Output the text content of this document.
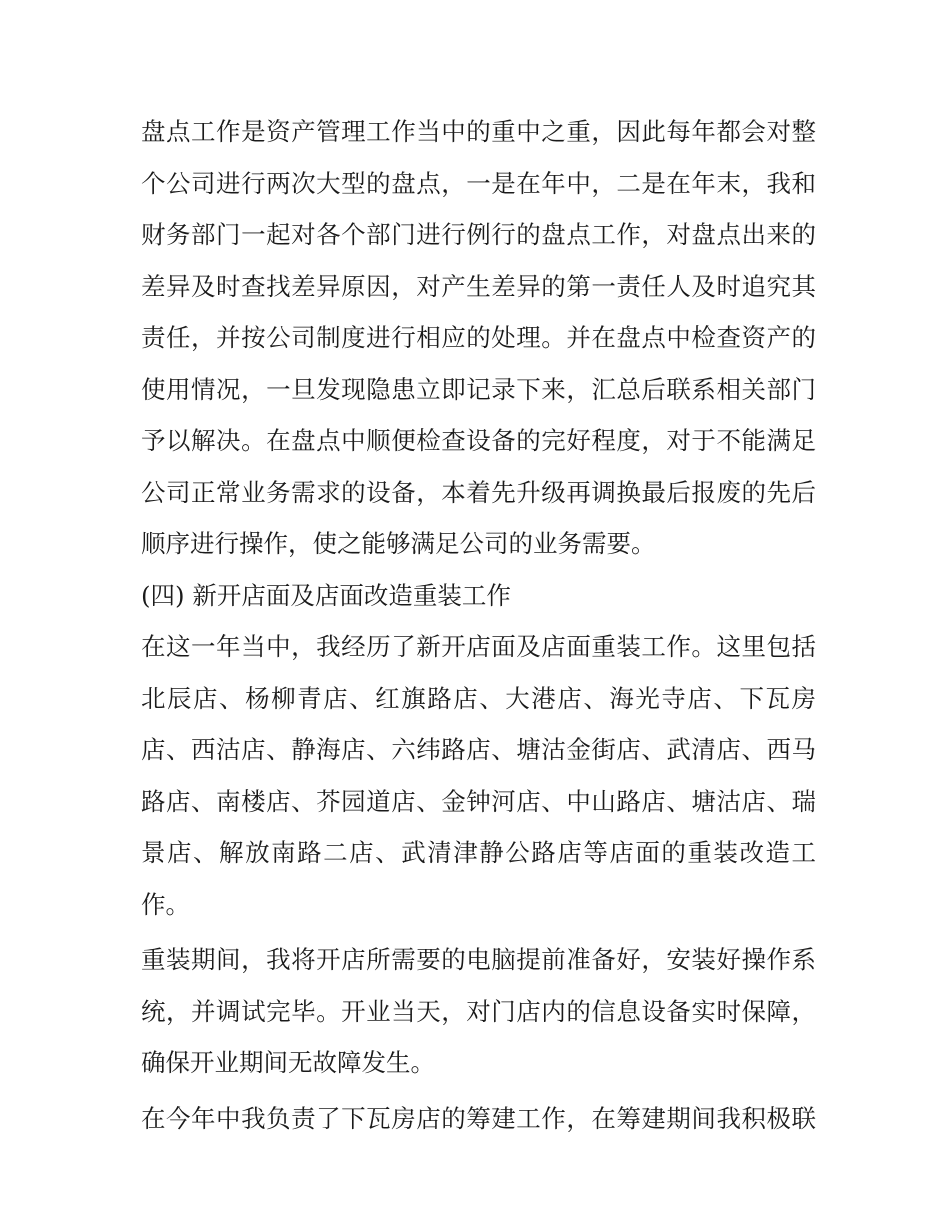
盘点工作是资产管理工作当中的重中之重，因此每年都会对整
个公司进行两次大型的盘点，一是在年中，二是在年末，我和
财务部门一起对各个部门进行例行的盘点工作，对盘点出来的
差异及时查找差异原因，对产生差异的第一责任人及时追究其
责任，并按公司制度进行相应的处理。并在盘点中检查资产的
使用情况，一旦发现隐患立即记录下来，汇总后联系相关部门
予以解决。在盘点中顺便检查设备的完好程度，对于不能满足
公司正常业务需求的设备，本着先升级再调换最后报废的先后
顺序进行操作，使之能够满足公司的业务需要。
(四) 新开店面及店面改造重装工作
在这一年当中，我经历了新开店面及店面重装工作。这里包括
北辰店、杨柳青店、红旗路店、大港店、海光寺店、下瓦房
店、西沽店、静海店、六纬路店、塘沽金街店、武清店、西马
路店、南楼店、芥园道店、金钟河店、中山路店、塘沽店、瑞
景店、解放南路二店、武清津静公路店等店面的重装改造工
作。
重装期间，我将开店所需要的电脑提前准备好，安装好操作系
统，并调试完毕。开业当天，对门店内的信息设备实时保障，
确保开业期间无故障发生。
在今年中我负责了下瓦房店的筹建工作，在筹建期间我积极联
